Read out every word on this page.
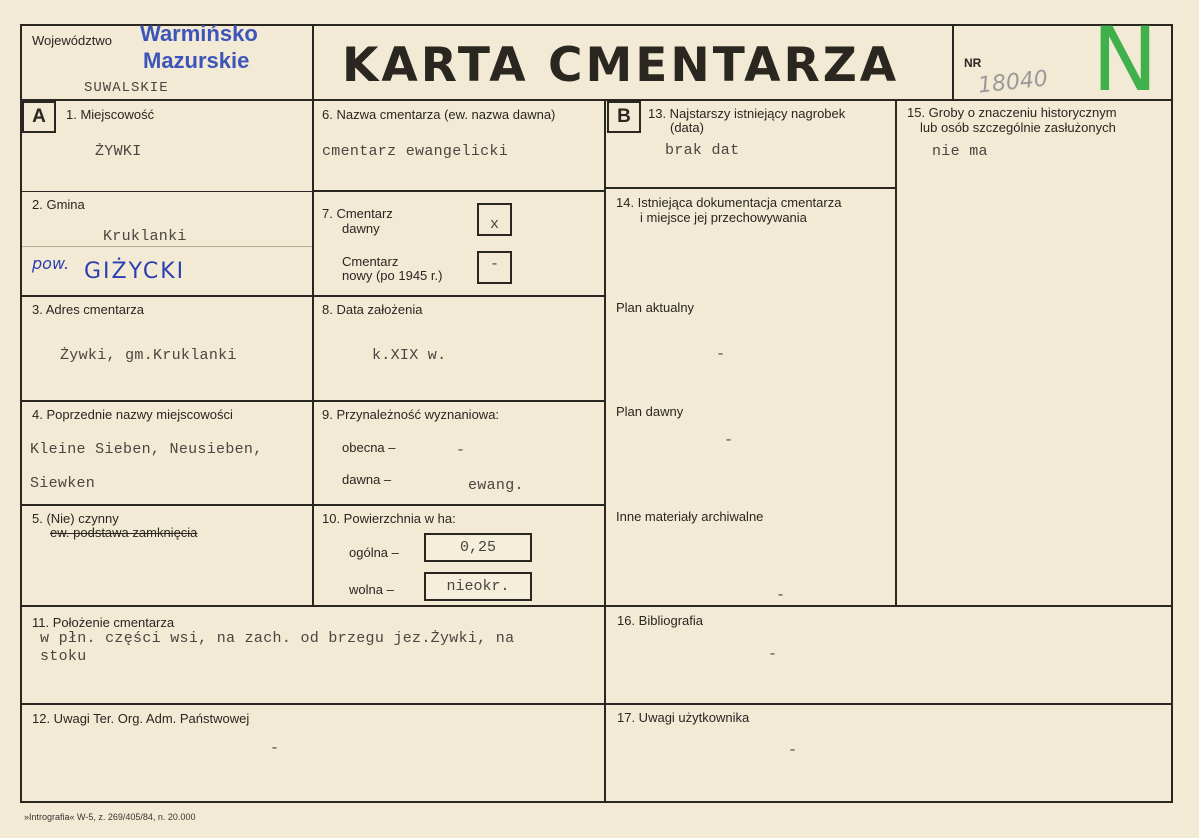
Województwo Warmińsko
Mazurskie
SUWALSKIE	KARTA CMENTARZA	NR
18040 N
A	1. Miejscowość
ŻYWKI
2. Gmina
Kruklanki
pow. GIŻYCKI
3. Adres cmentarza
Żywki, gm.Kruklanki
4. Poprzednie nazwy miejscowości
Kleine Sieben, Neusieben,
Siewken
5. (Nie) czynny
ew. podstawa zamknięcia
6. Nazwa cmentarza (ew. nazwa dawna)
cmentarz ewangelicki
7. Cmentarz
dawny	x
Cmentarz
nowy (po 1945 r.)
-
8. Data założenia
k.XIX w.
9. Przynależność wyznaniowa:
obecna –	-
dawna –	ewang.
10. Powierzchnia w ha:
ogólna –	0,25
wolna –	nieokr.
B	13. Najstarszy istniejący nagrobek
(data)
brak dat
14. Istniejąca dokumentacja cmentarza
i miejsce jej przechowywania
Plan aktualny
-
Plan dawny
-
Inne materiały archiwalne
-
15. Groby o znaczeniu historycznym
lub osób szczególnie zasłużonych
nie ma
11. Położenie cmentarza
w płn. części wsi, na zach. od brzegu jez.Żywki, na
stoku
16. Bibliografia
-
12. Uwagi Ter. Org. Adm. Państwowej
-
17. Uwagi użytkownika
-
»Intrografia« W-5, z. 269/405/84, n. 20.000
